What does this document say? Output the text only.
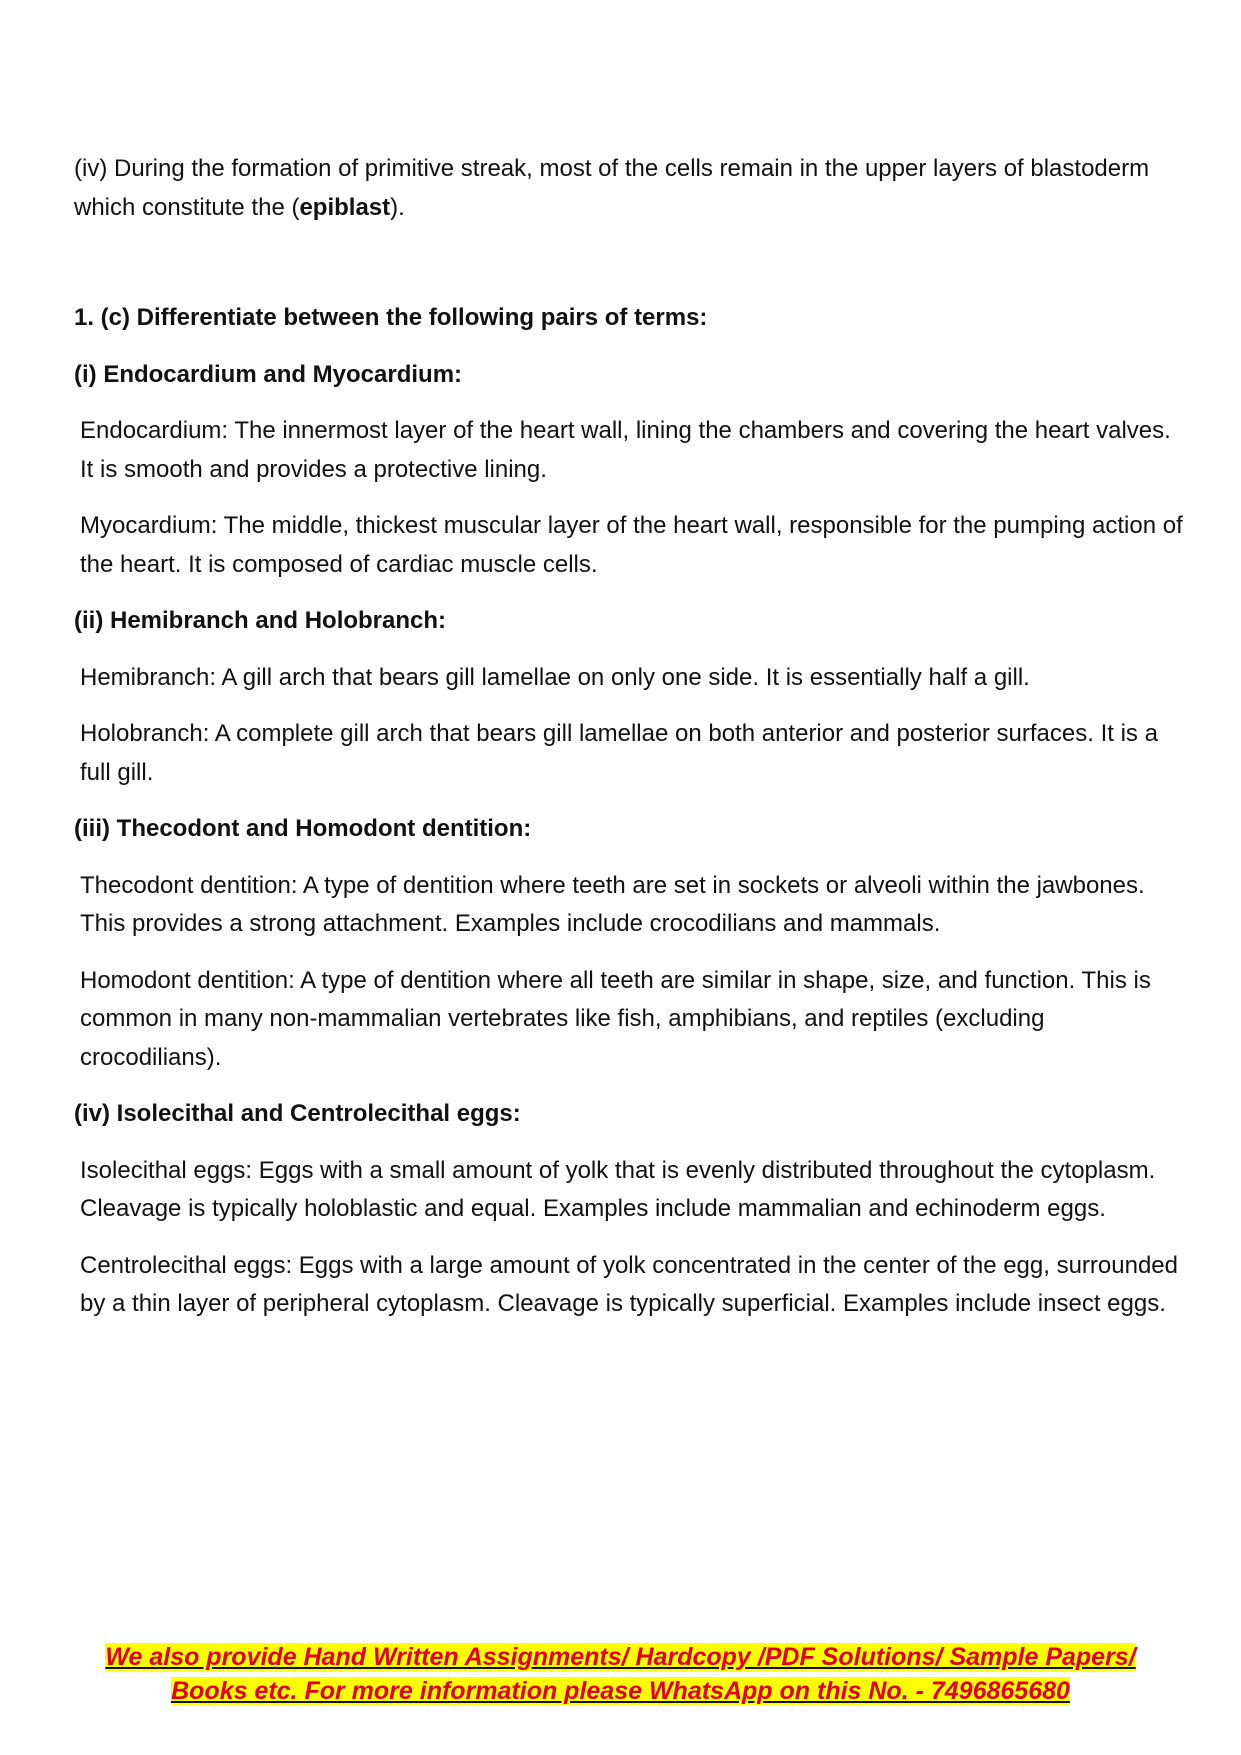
(iv) During the formation of primitive streak, most of the cells remain in the upper layers of blastoderm which constitute the (epiblast).

1. (c) Differentiate between the following pairs of terms:

(i) Endocardium and Myocardium:

Endocardium: The innermost layer of the heart wall, lining the chambers and covering the heart valves. It is smooth and provides a protective lining.

Myocardium: The middle, thickest muscular layer of the heart wall, responsible for the pumping action of the heart. It is composed of cardiac muscle cells.

(ii) Hemibranch and Holobranch:

Hemibranch: A gill arch that bears gill lamellae on only one side. It is essentially half a gill.

Holobranch: A complete gill arch that bears gill lamellae on both anterior and posterior surfaces. It is a full gill.

(iii) Thecodont and Homodont dentition:

Thecodont dentition: A type of dentition where teeth are set in sockets or alveoli within the jawbones. This provides a strong attachment. Examples include crocodilians and mammals.

Homodont dentition: A type of dentition where all teeth are similar in shape, size, and function. This is common in many non-mammalian vertebrates like fish, amphibians, and reptiles (excluding crocodilians).

(iv) Isolecithal and Centrolecithal eggs:

Isolecithal eggs: Eggs with a small amount of yolk that is evenly distributed throughout the cytoplasm. Cleavage is typically holoblastic and equal. Examples include mammalian and echinoderm eggs.

Centrolecithal eggs: Eggs with a large amount of yolk concentrated in the center of the egg, surrounded by a thin layer of peripheral cytoplasm. Cleavage is typically superficial. Examples include insect eggs.

We also provide Hand Written Assignments/ Hardcopy /PDF Solutions/ Sample Papers/
Books etc. For more information please WhatsApp on this No. - 7496865680
